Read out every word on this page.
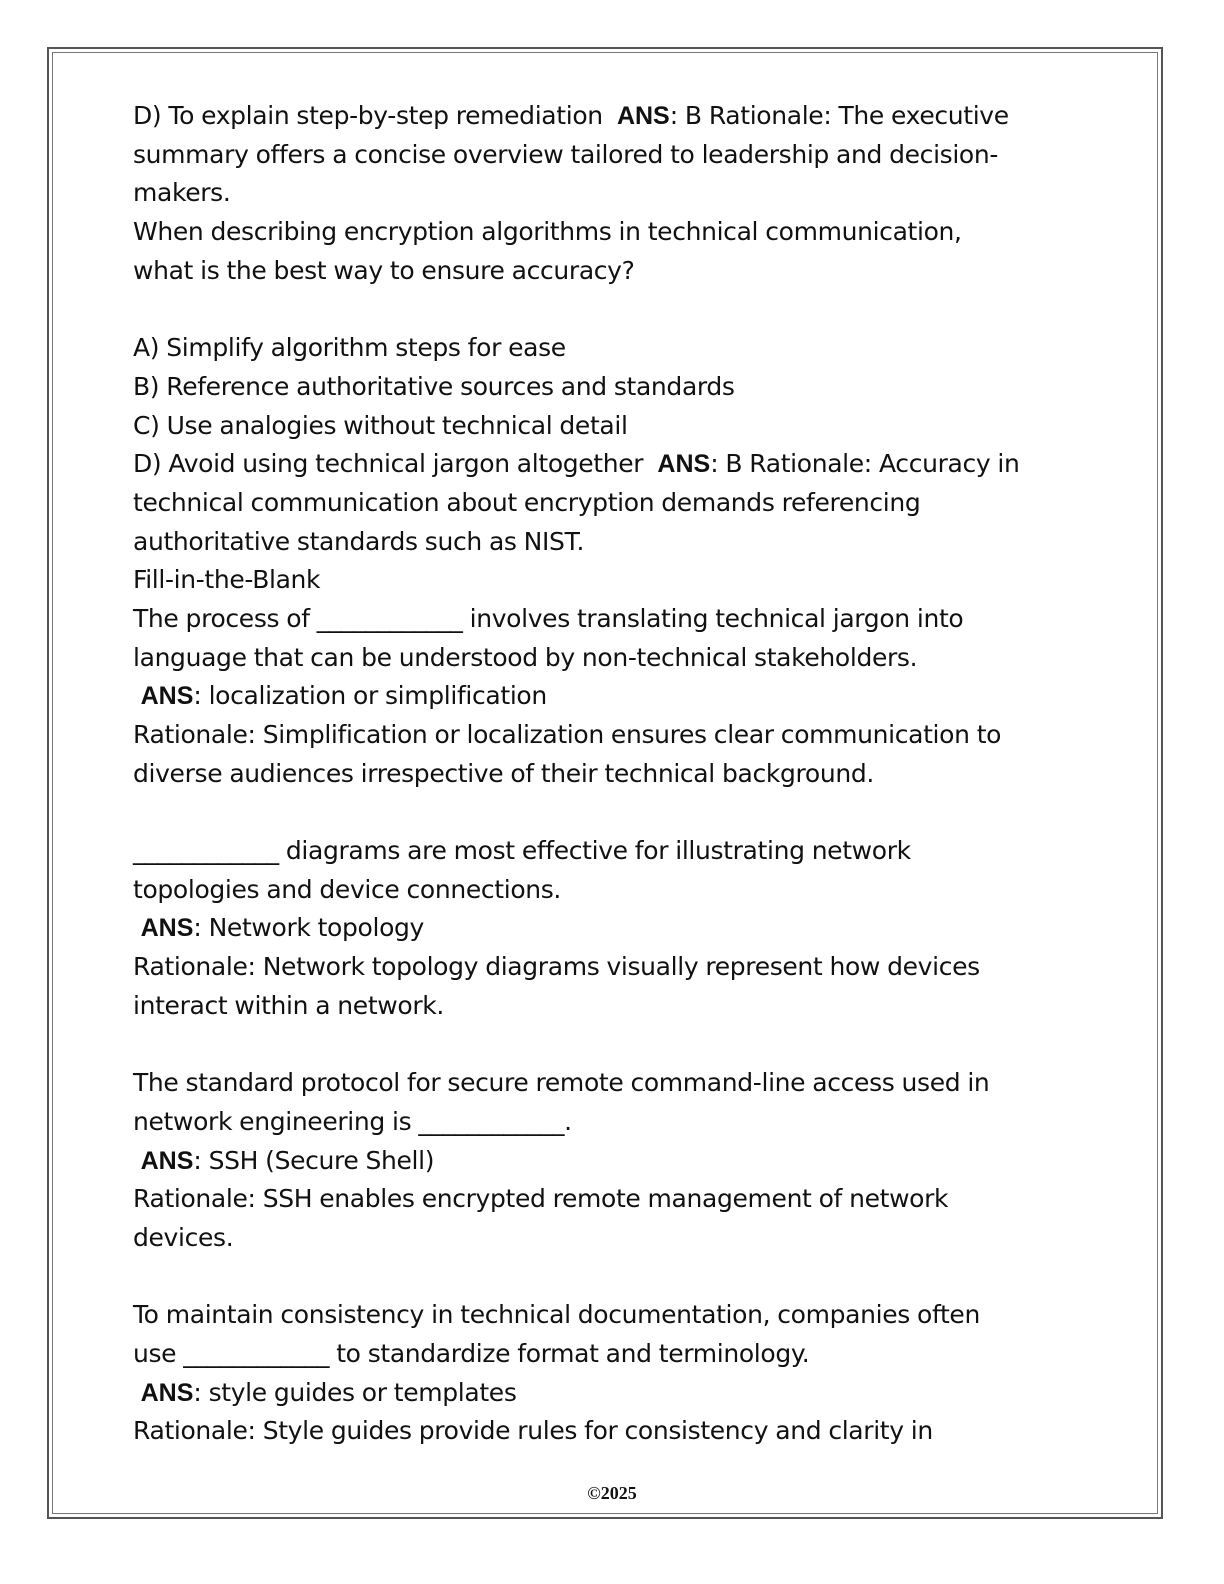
D) To explain step-by-step remediation  ANS: B Rationale: The executive
summary offers a concise overview tailored to leadership and decision-
makers.
When describing encryption algorithms in technical communication,
what is the best way to ensure accuracy?
A) Simplify algorithm steps for ease
B) Reference authoritative sources and standards
C) Use analogies without technical detail
D) Avoid using technical jargon altogether  ANS: B Rationale: Accuracy in
technical communication about encryption demands referencing
authoritative standards such as NIST.
Fill-in-the-Blank
The process of ____________ involves translating technical jargon into
language that can be understood by non-technical stakeholders.
ANS: localization or simplification
Rationale: Simplification or localization ensures clear communication to
diverse audiences irrespective of their technical background.
____________ diagrams are most effective for illustrating network
topologies and device connections.
ANS: Network topology
Rationale: Network topology diagrams visually represent how devices
interact within a network.
The standard protocol for secure remote command-line access used in
network engineering is ____________.
ANS: SSH (Secure Shell)
Rationale: SSH enables encrypted remote management of network
devices.
To maintain consistency in technical documentation, companies often
use ____________ to standardize format and terminology.
ANS: style guides or templates
Rationale: Style guides provide rules for consistency and clarity in
©2025
